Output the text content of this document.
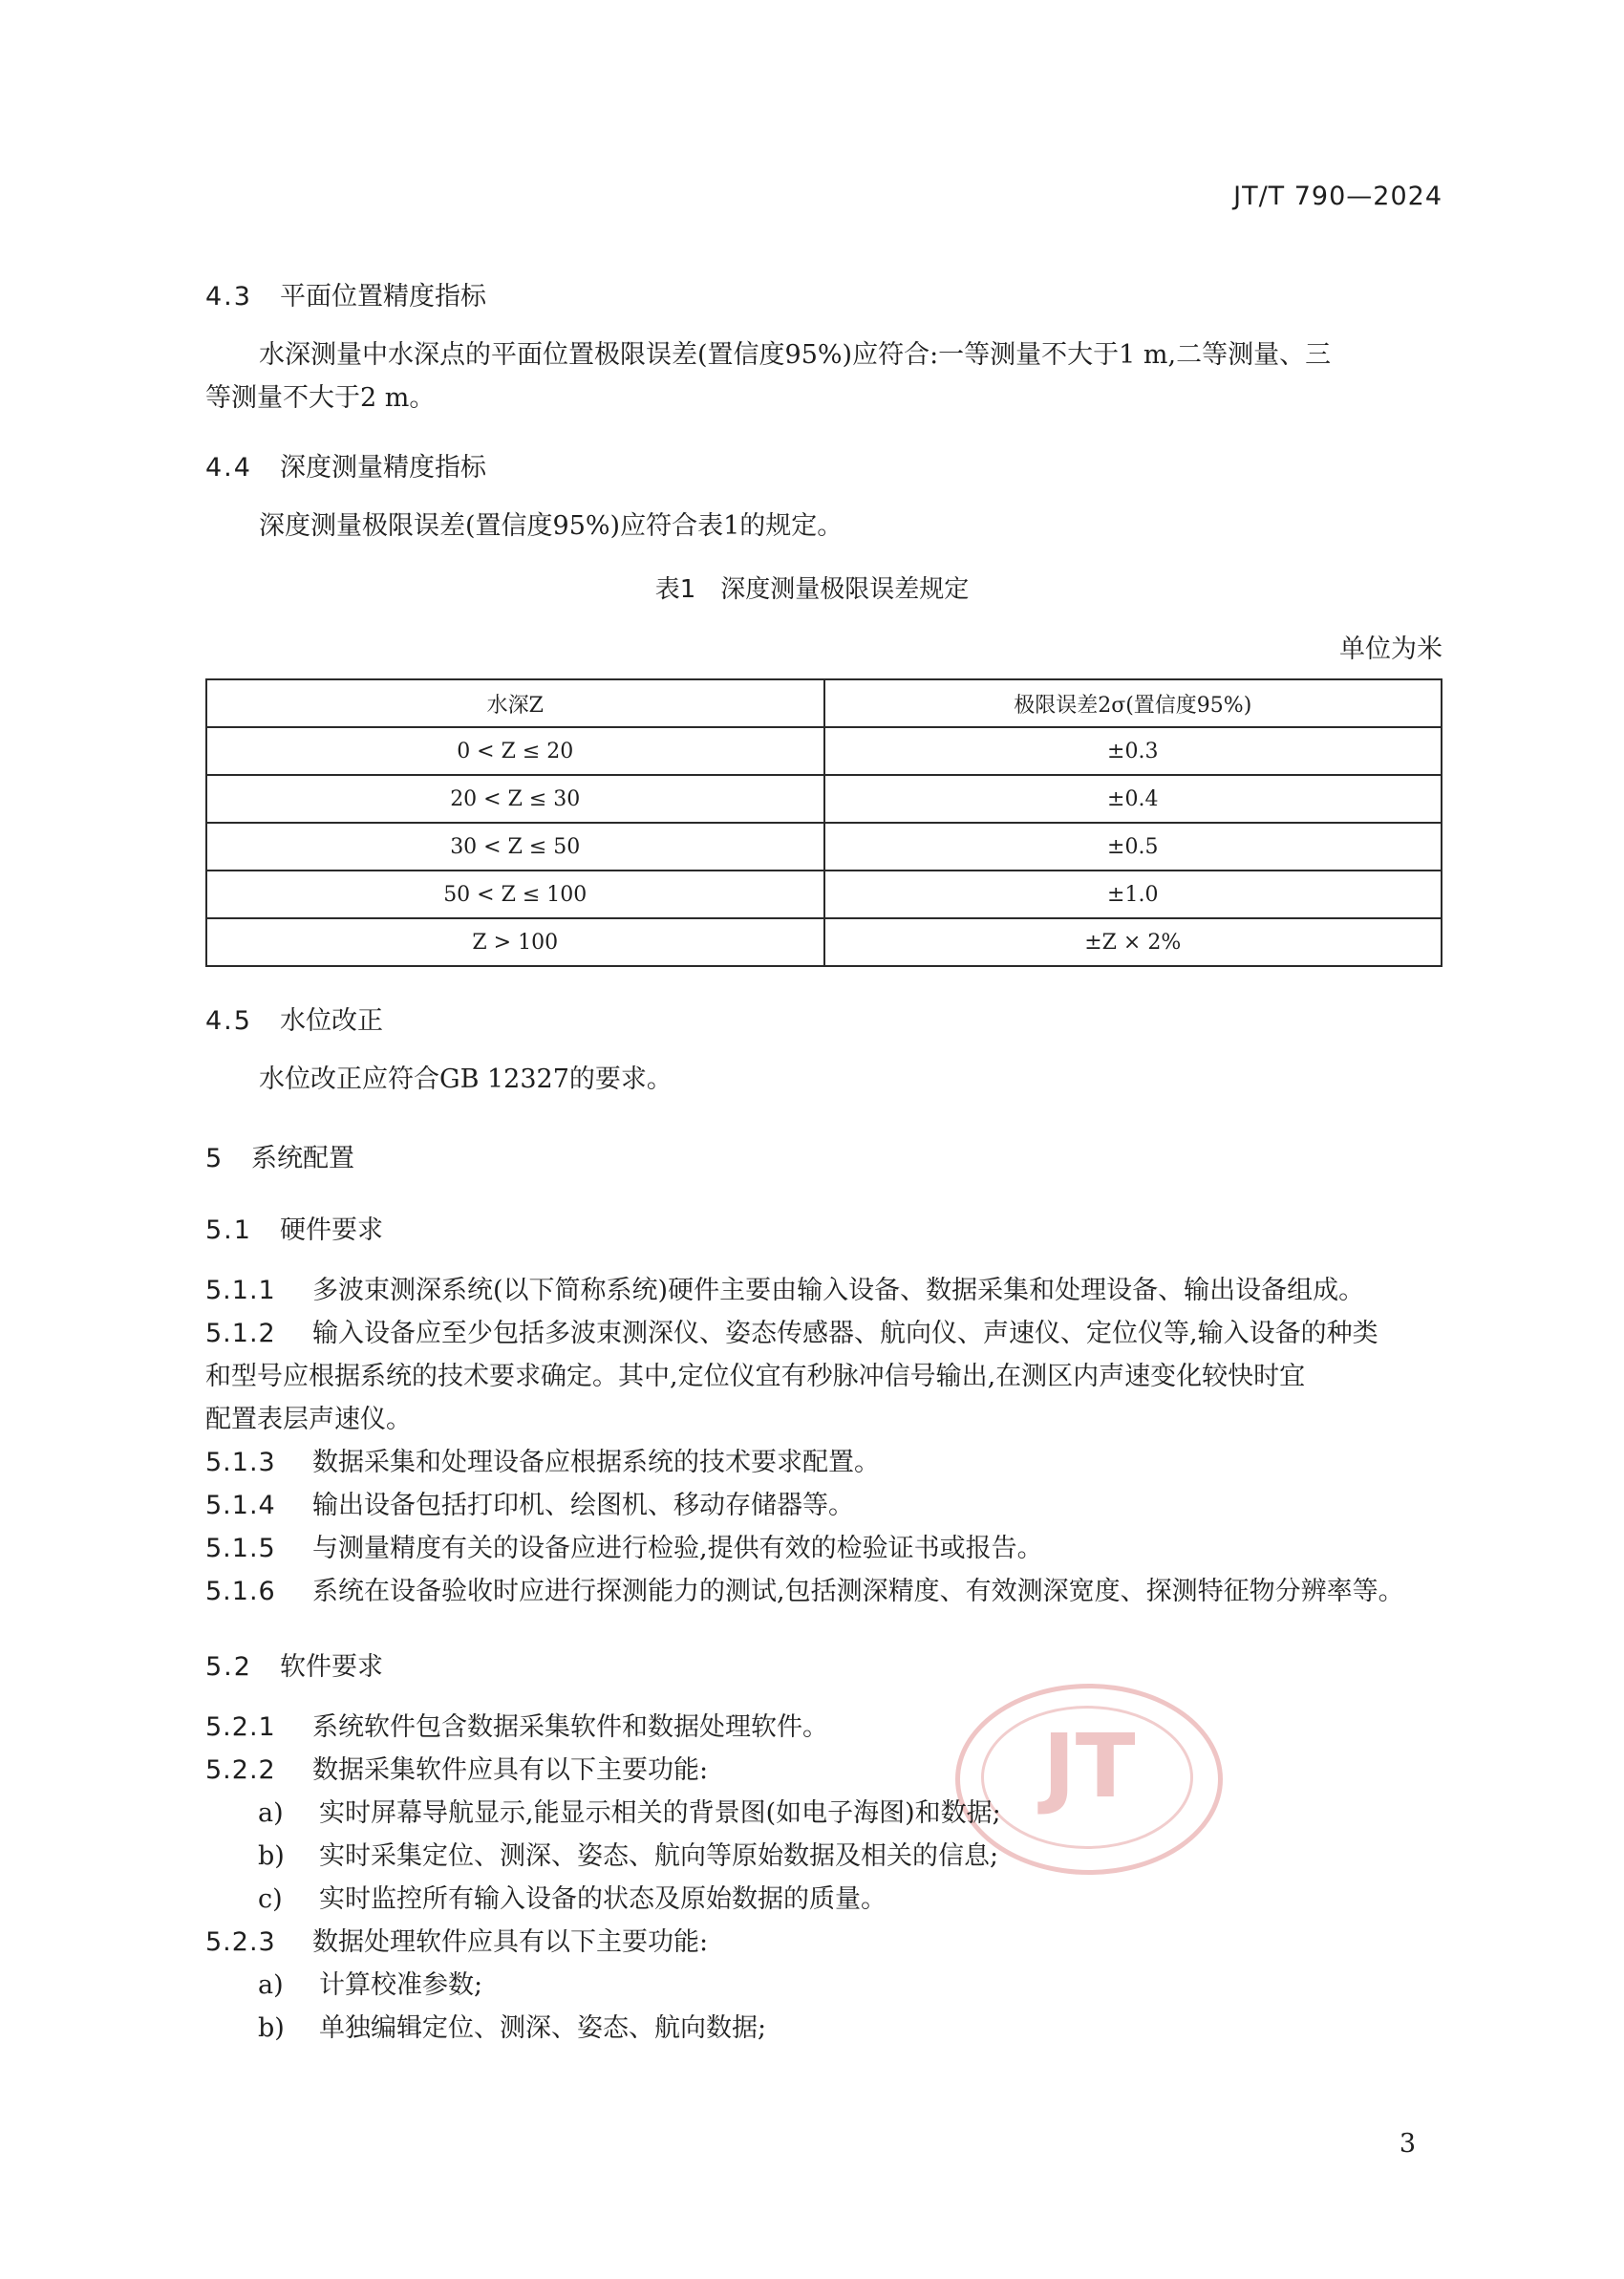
JT/T 790—2024
4.3 平面位置精度指标
水深测量中水深点的平面位置极限误差(置信度95%)应符合:一等测量不大于1 m,二等测量、三
等测量不大于2 m。
4.4 深度测量精度指标
深度测量极限误差(置信度95%)应符合表1的规定。
表1　深度测量极限误差规定
单位为米
水深Z	极限误差2σ(置信度95%)
0 < Z ≤ 20	±0.3
20 < Z ≤ 30	±0.4
30 < Z ≤ 50	±0.5
50 < Z ≤ 100	±1.0
Z > 100	±Z × 2%
4.5 水位改正
水位改正应符合GB 12327的要求。
5 系统配置
5.1 硬件要求
5.1.1 多波束测深系统(以下简称系统)硬件主要由输入设备、数据采集和处理设备、输出设备组成。
5.1.2 输入设备应至少包括多波束测深仪、姿态传感器、航向仪、声速仪、定位仪等,输入设备的种类
和型号应根据系统的技术要求确定。其中,定位仪宜有秒脉冲信号输出,在测区内声速变化较快时宜
配置表层声速仪。
5.1.3 数据采集和处理设备应根据系统的技术要求配置。
5.1.4 输出设备包括打印机、绘图机、移动存储器等。
5.1.5 与测量精度有关的设备应进行检验,提供有效的检验证书或报告。
5.1.6 系统在设备验收时应进行探测能力的测试,包括测深精度、有效测深宽度、探测特征物分辨率等。
5.2 软件要求
JT
5.2.1 系统软件包含数据采集软件和数据处理软件。
5.2.2 数据采集软件应具有以下主要功能:
a) 实时屏幕导航显示,能显示相关的背景图(如电子海图)和数据;
b) 实时采集定位、测深、姿态、航向等原始数据及相关的信息;
c) 实时监控所有输入设备的状态及原始数据的质量。
5.2.3 数据处理软件应具有以下主要功能:
a) 计算校准参数;
b) 单独编辑定位、测深、姿态、航向数据;
3
